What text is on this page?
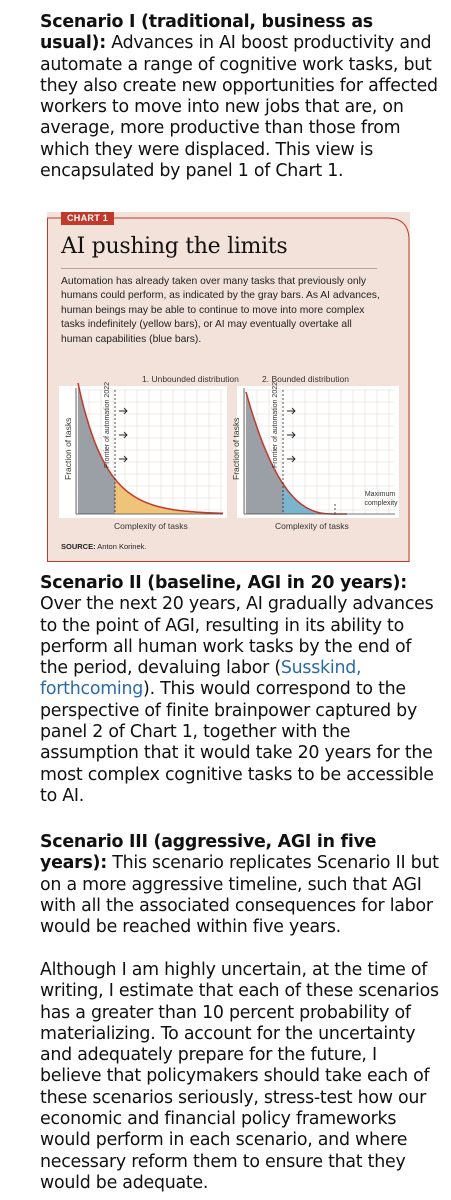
Scenario I (traditional, business as usual): Advances in AI boost productivity and automate a range of cognitive work tasks, but they also create new opportunities for affected workers to move into new jobs that are, on average, more productive than those from which they were displaced. This view is encapsulated by panel 1 of Chart 1.

CHART 1
AI pushing the limits
Automation has already taken over many tasks that previously only humans could perform, as indicated by the gray bars. As AI advances, human beings may be able to continue to move into more complex tasks indefinitely (yellow bars), or AI may eventually overtake all human capabilities (blue bars).
1. Unbounded distribution
Frontier of automation 2022
Fraction of tasks
Complexity of tasks
2. Bounded distribution
Frontier of automation 2022
Fraction of tasks
Complexity of tasks
Maximum complexity
SOURCE: Anton Korinek.

Scenario II (baseline, AGI in 20 years): Over the next 20 years, AI gradually advances to the point of AGI, resulting in its ability to perform all human work tasks by the end of the period, devaluing labor (Susskind, forthcoming). This would correspond to the perspective of finite brainpower captured by panel 2 of Chart 1, together with the assumption that it would take 20 years for the most complex cognitive tasks to be accessible to AI.

Scenario III (aggressive, AGI in five years): This scenario replicates Scenario II but on a more aggressive timeline, such that AGI with all the associated consequences for labor would be reached within five years.

Although I am highly uncertain, at the time of writing, I estimate that each of these scenarios has a greater than 10 percent probability of materializing. To account for the uncertainty and adequately prepare for the future, I believe that policymakers should take each of these scenarios seriously, stress-test how our economic and financial policy frameworks would perform in each scenario, and where necessary reform them to ensure that they would be adequate.
